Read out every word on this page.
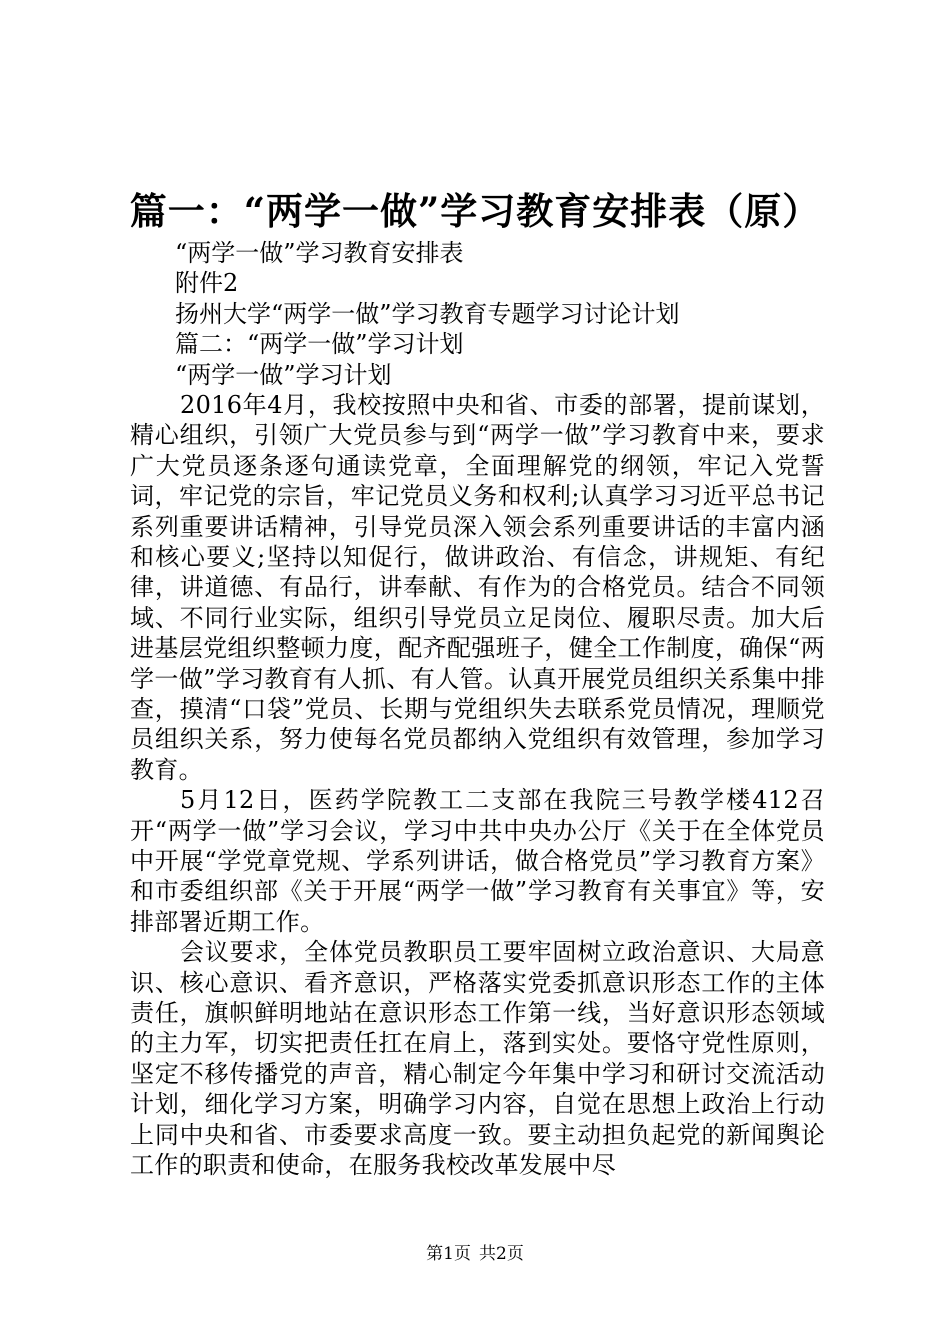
篇一：“两学一做”学习教育安排表（原）
“两学一做”学习教育安排表
附件2
扬州大学“两学一做”学习教育专题学习讨论计划
篇二：“两学一做”学习计划
“两学一做”学习计划
2016年4月，我校按照中央和省、市委的部署，提前谋划，精心组织，引领广大党员参与到“两学一做”学习教育中来，要求广大党员逐条逐句通读党章，全面理解党的纲领，牢记入党誓词，牢记党的宗旨，牢记党员义务和权利;认真学习习近平总书记系列重要讲话精神，引导党员深入领会系列重要讲话的丰富内涵和核心要义;坚持以知促行，做讲政治、有信念，讲规矩、有纪律，讲道德、有品行，讲奉献、有作为的合格党员。结合不同领域、不同行业实际，组织引导党员立足岗位、履职尽责。加大后进基层党组织整顿力度，配齐配强班子，健全工作制度，确保“两学一做”学习教育有人抓、有人管。认真开展党员组织关系集中排查，摸清“口袋”党员、长期与党组织失去联系党员情况，理顺党员组织关系，努力使每名党员都纳入党组织有效管理，参加学习教育。
5月12日，医药学院教工二支部在我院三号教学楼412召开“两学一做”学习会议，学习中共中央办公厅《关于在全体党员中开展“学党章党规、学系列讲话，做合格党员”学习教育方案》和市委组织部《关于开展“两学一做”学习教育有关事宜》等，安排部署近期工作。
会议要求，全体党员教职员工要牢固树立政治意识、大局意识、核心意识、看齐意识，严格落实党委抓意识形态工作的主体责任，旗帜鲜明地站在意识形态工作第一线，当好意识形态领域的主力军，切实把责任扛在肩上，落到实处。要恪守党性原则，坚定不移传播党的声音，精心制定今年集中学习和研讨交流活动计划，细化学习方案，明确学习内容，自觉在思想上政治上行动上同中央和省、市委要求高度一致。要主动担负起党的新闻舆论工作的职责和使命，在服务我校改革发展中尽
第1页 共2页
